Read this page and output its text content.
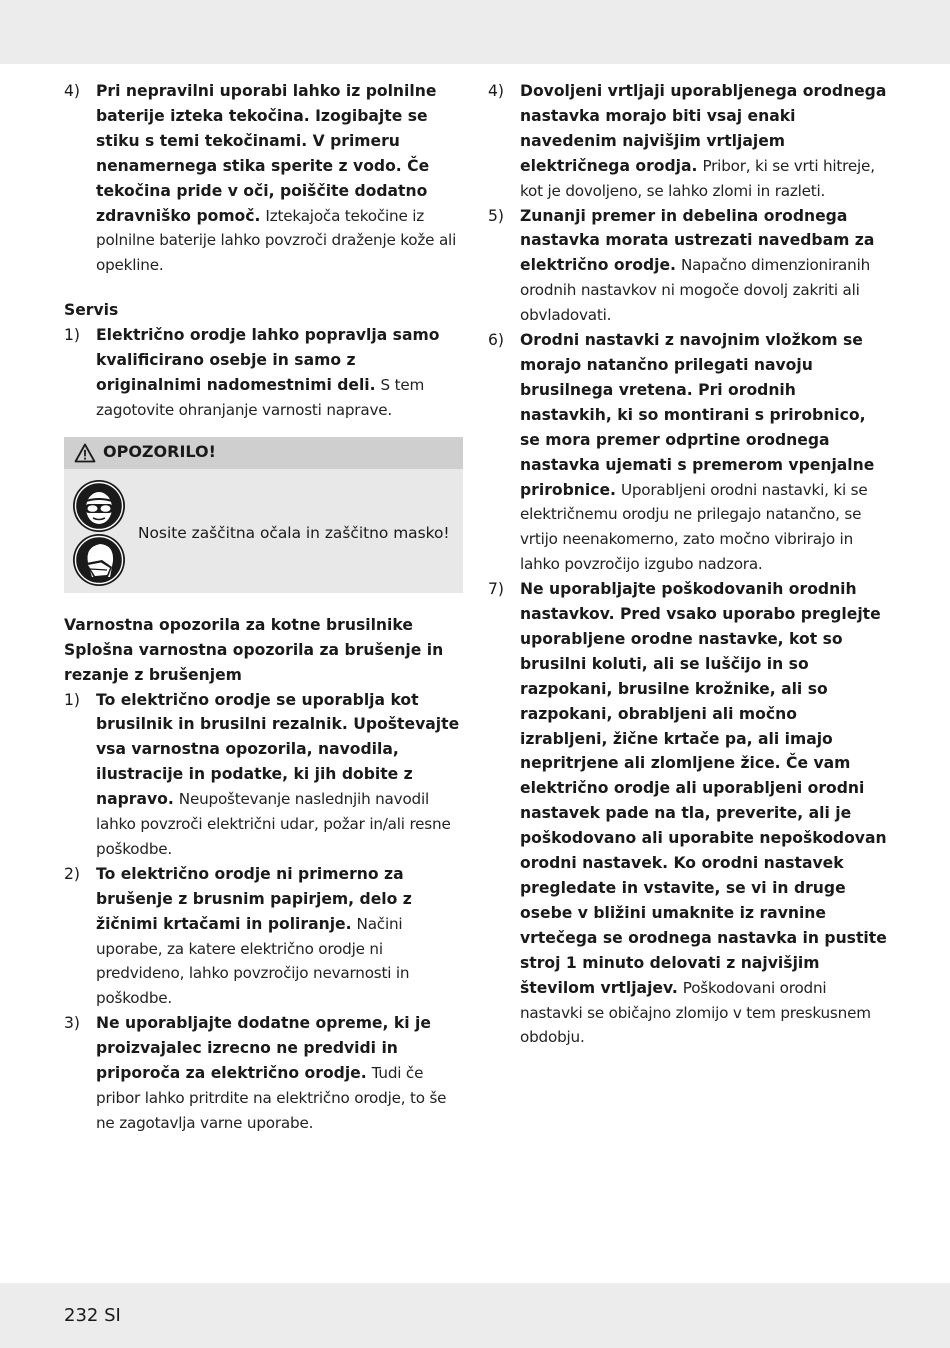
4) Pri nepravilni uporabi lahko iz polnilne baterije izteka tekočina. Izogibajte se stiku s temi tekočinami. V primeru nenamernega stika sperite z vodo. Če tekočina pride v oči, poiščite dodatno zdravniško pomoč. Iztekajoča tekočine iz polnilne baterije lahko povzroči draženje kože ali opekline.
Servis
1) Električno orodje lahko popravlja samo kvalificirano osebje in samo z originalnimi nadomestnimi deli. S tem zagotovite ohranjanje varnosti naprave.
OPOZORILO!
Nosite zaščitna očala in zaščitno masko!
Varnostna opozorila za kotne brusilnike
Splošna varnostna opozorila za brušenje in rezanje z brušenjem
1) To električno orodje se uporablja kot brusilnik in brusilni rezalnik. Upoštevajte vsa varnostna opozorila, navodila, ilustracije in podatke, ki jih dobite z napravo. Neupoštevanje naslednjih navodil lahko povzroči električni udar, požar in/ali resne poškodbe.
2) To električno orodje ni primerno za brušenje z brusnim papirjem, delo z žičnimi krtačami in poliranje. Načini uporabe, za katere električno orodje ni predvideno, lahko povzročijo nevarnosti in poškodbe.
3) Ne uporabljajte dodatne opreme, ki je proizvajalec izrecno ne predvidi in priporoča za električno orodje. Tudi če pribor lahko pritrdite na električno orodje, to še ne zagotavlja varne uporabe.
4) Dovoljeni vrtljaji uporabljenega orodnega nastavka morajo biti vsaj enaki navedenim najvišjim vrtljajem električnega orodja. Pribor, ki se vrti hitreje, kot je dovoljeno, se lahko zlomi in razleti.
5) Zunanji premer in debelina orodnega nastavka morata ustrezati navedbam za električno orodje. Napačno dimenzioniranih orodnih nastavkov ni mogoče dovolj zakriti ali obvladovati.
6) Orodni nastavki z navojnim vložkom se morajo natančno prilegati navoju brusilnega vretena. Pri orodnih nastavkih, ki so montirani s prirobnico, se mora premer odprtine orodnega nastavka ujemati s premerom vpenjalne prirobnice. Uporabljeni orodni nastavki, ki se električnemu orodju ne prilegajo natančno, se vrtijo neenakomerno, zato močno vibrirajo in lahko povzročijo izgubo nadzora.
7) Ne uporabljajte poškodovanih orodnih nastavkov. Pred vsako uporabo preglejte uporabljene orodne nastavke, kot so brusilni koluti, ali se luščijo in so razpokani, brusilne krožnike, ali so razpokani, obrabljeni ali močno izrabljeni, žične krtače pa, ali imajo nepritrjene ali zlomljene žice. Če vam električno orodje ali uporabljeni orodni nastavek pade na tla, preverite, ali je poškodovano ali uporabite nepoškodovan orodni nastavek. Ko orodni nastavek pregledate in vstavite, se vi in druge osebe v bližini umaknite iz ravnine vrtečega se orodnega nastavka in pustite stroj 1 minuto delovati z najvišjim številom vrtljajev. Poškodovani orodni nastavki se običajno zlomijo v tem preskusnem obdobju.
232 SI
